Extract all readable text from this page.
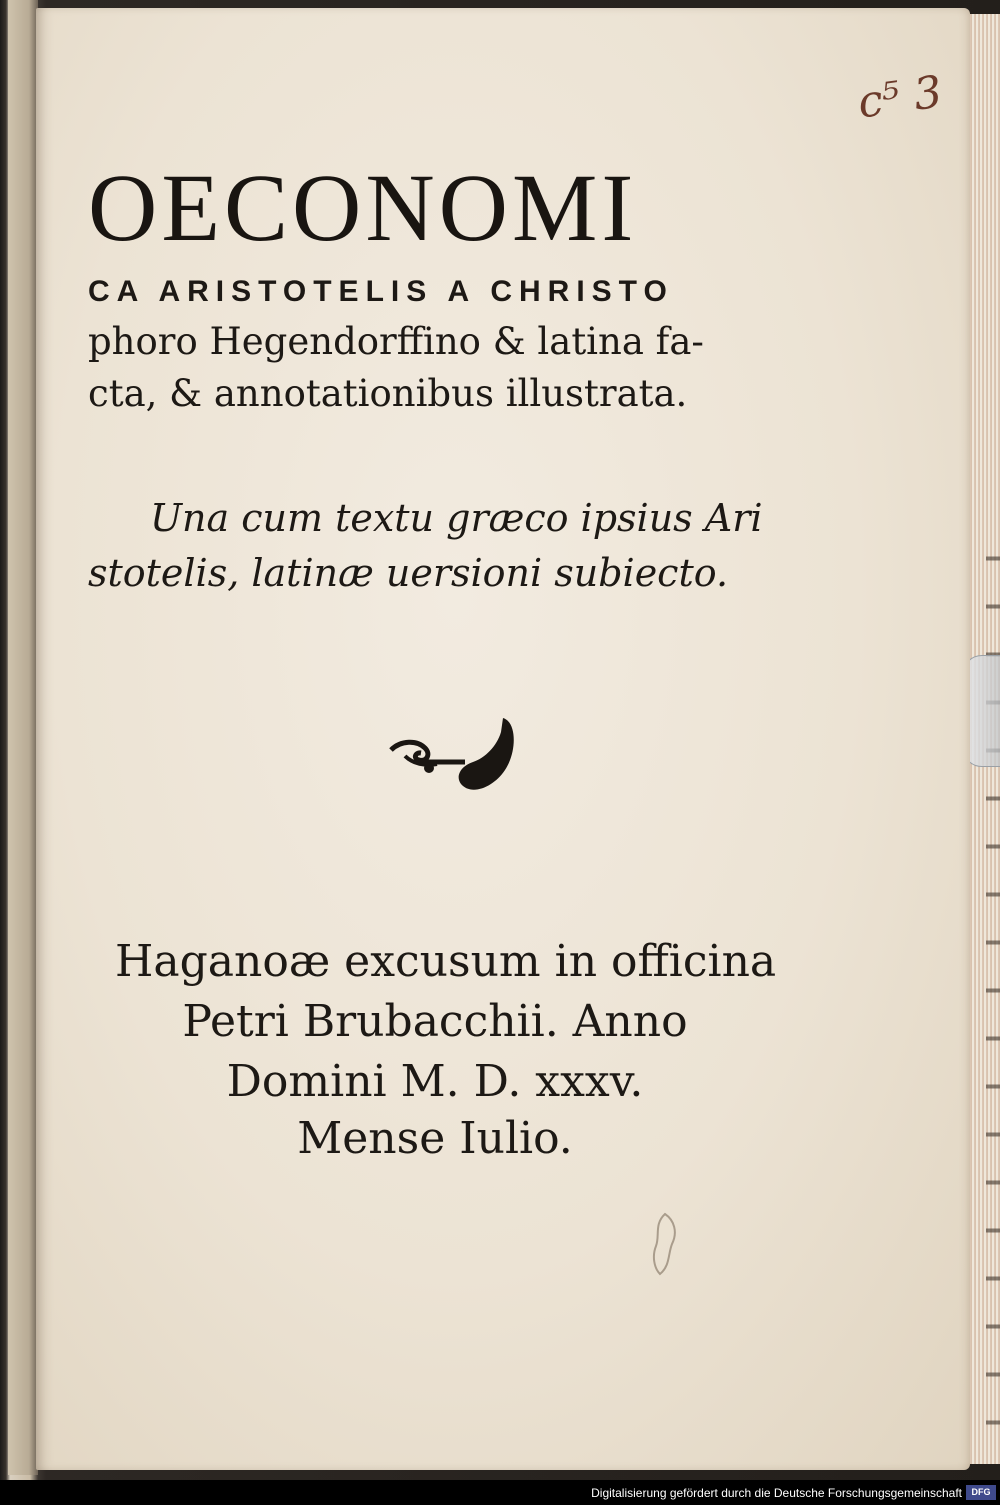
c⁵ 3
OECONOMI
CA ARISTOTELIS A CHRISTO
phoro Hegendorffino & latina fa-
cta, & annotationibus illustrata.
Una cum textu græco ipsius Ari
stotelis, latinæ uersioni subiecto.
Haganoæ excusum in officina
Petri Brubacchii. Anno
Domini M. D. xxxv.
Mense Iulio.
Digitalisierung gefördert durch die Deutsche Forschungsgemeinschaft	DFG
